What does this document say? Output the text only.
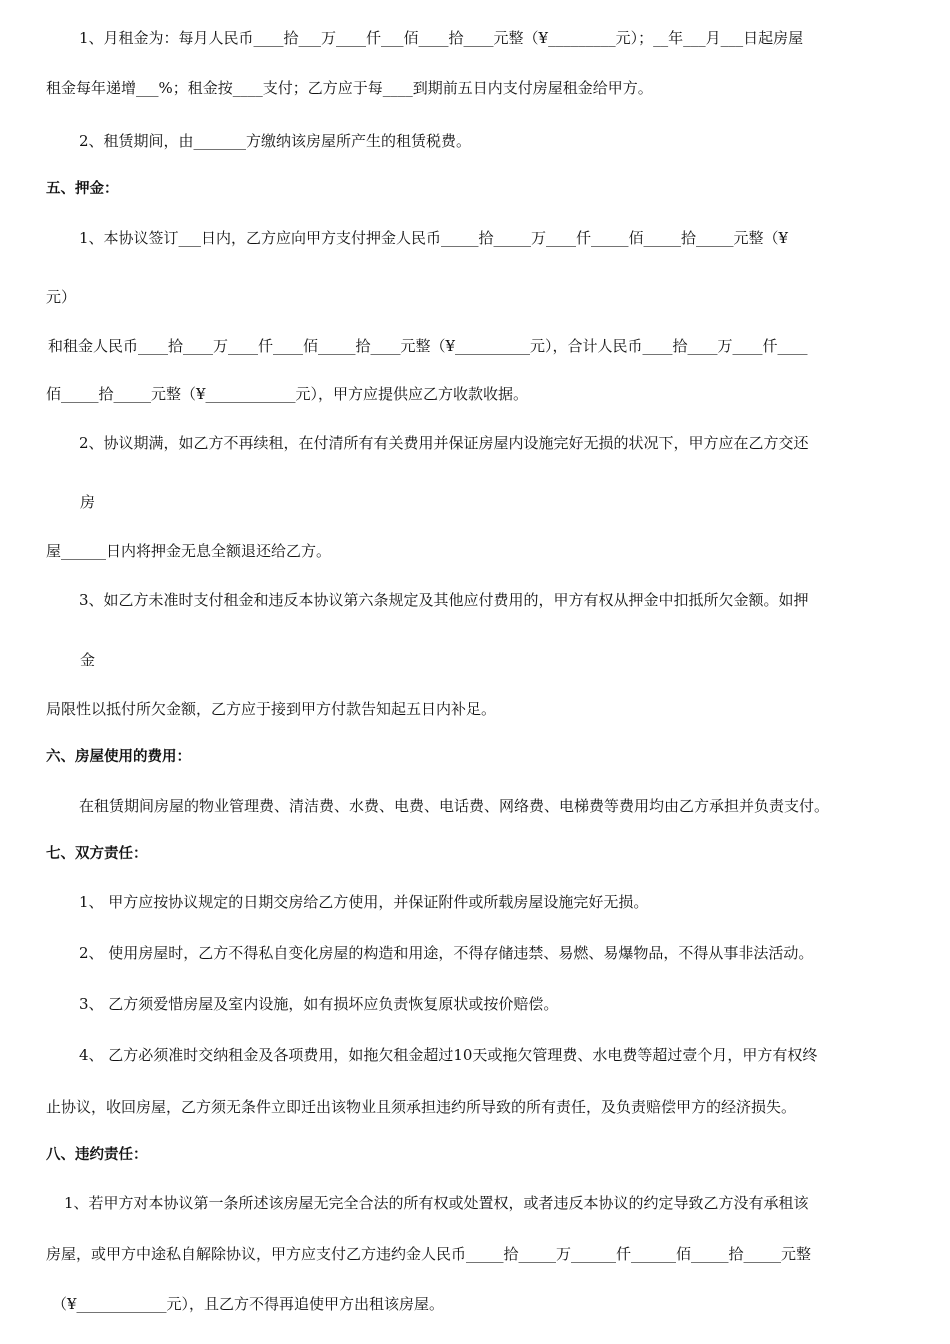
1、月租金为：每月人民币____拾___万____仟___佰____拾____元整（¥_________元）；__年___月___日起房屋
租金每年递增___%；租金按____支付；乙方应于每____到期前五日内支付房屋租金给甲方。
2、租赁期间，由_______方缴纳该房屋所产生的租赁税费。
五、押金：
1、本协议签订___日内，乙方应向甲方支付押金人民币_____拾_____万____仟_____佰_____拾_____元整（¥
元）
和租金人民币____拾____万____仟____佰_____拾____元整（¥__________元），合计人民币____拾____万____仟____
佰_____拾_____元整（¥____________元），甲方应提供应乙方收款收据。
2、协议期满，如乙方不再续租，在付清所有有关费用并保证房屋内设施完好无损的状况下，甲方应在乙方交还
房
屋______日内将押金无息全额退还给乙方。
3、如乙方未准时支付租金和违反本协议第六条规定及其他应付费用的，甲方有权从押金中扣抵所欠金额。如押
金
局限性以抵付所欠金额，乙方应于接到甲方付款告知起五日内补足。
六、房屋使用的费用：
在租赁期间房屋的物业管理费、清洁费、水费、电费、电话费、网络费、电梯费等费用均由乙方承担并负责支付。
七、双方责任：
1、 甲方应按协议规定的日期交房给乙方使用，并保证附件或所载房屋设施完好无损。
2、 使用房屋时，乙方不得私自变化房屋的构造和用途，不得存储违禁、易燃、易爆物品，不得从事非法活动。
3、 乙方须爱惜房屋及室内设施，如有损坏应负责恢复原状或按价赔偿。
4、 乙方必须准时交纳租金及各项费用，如拖欠租金超过10天或拖欠管理费、水电费等超过壹个月，甲方有权终
止协议，收回房屋，乙方须无条件立即迁出该物业且须承担违约所导致的所有责任，及负责赔偿甲方的经济损失。
八、违约责任：
1、若甲方对本协议第一条所述该房屋无完全合法的所有权或处置权，或者违反本协议的约定导致乙方没有承租该
房屋，或甲方中途私自解除协议，甲方应支付乙方违约金人民币_____拾_____万______仟______佰_____拾_____元整
（¥____________元），且乙方不得再追使甲方出租该房屋。
